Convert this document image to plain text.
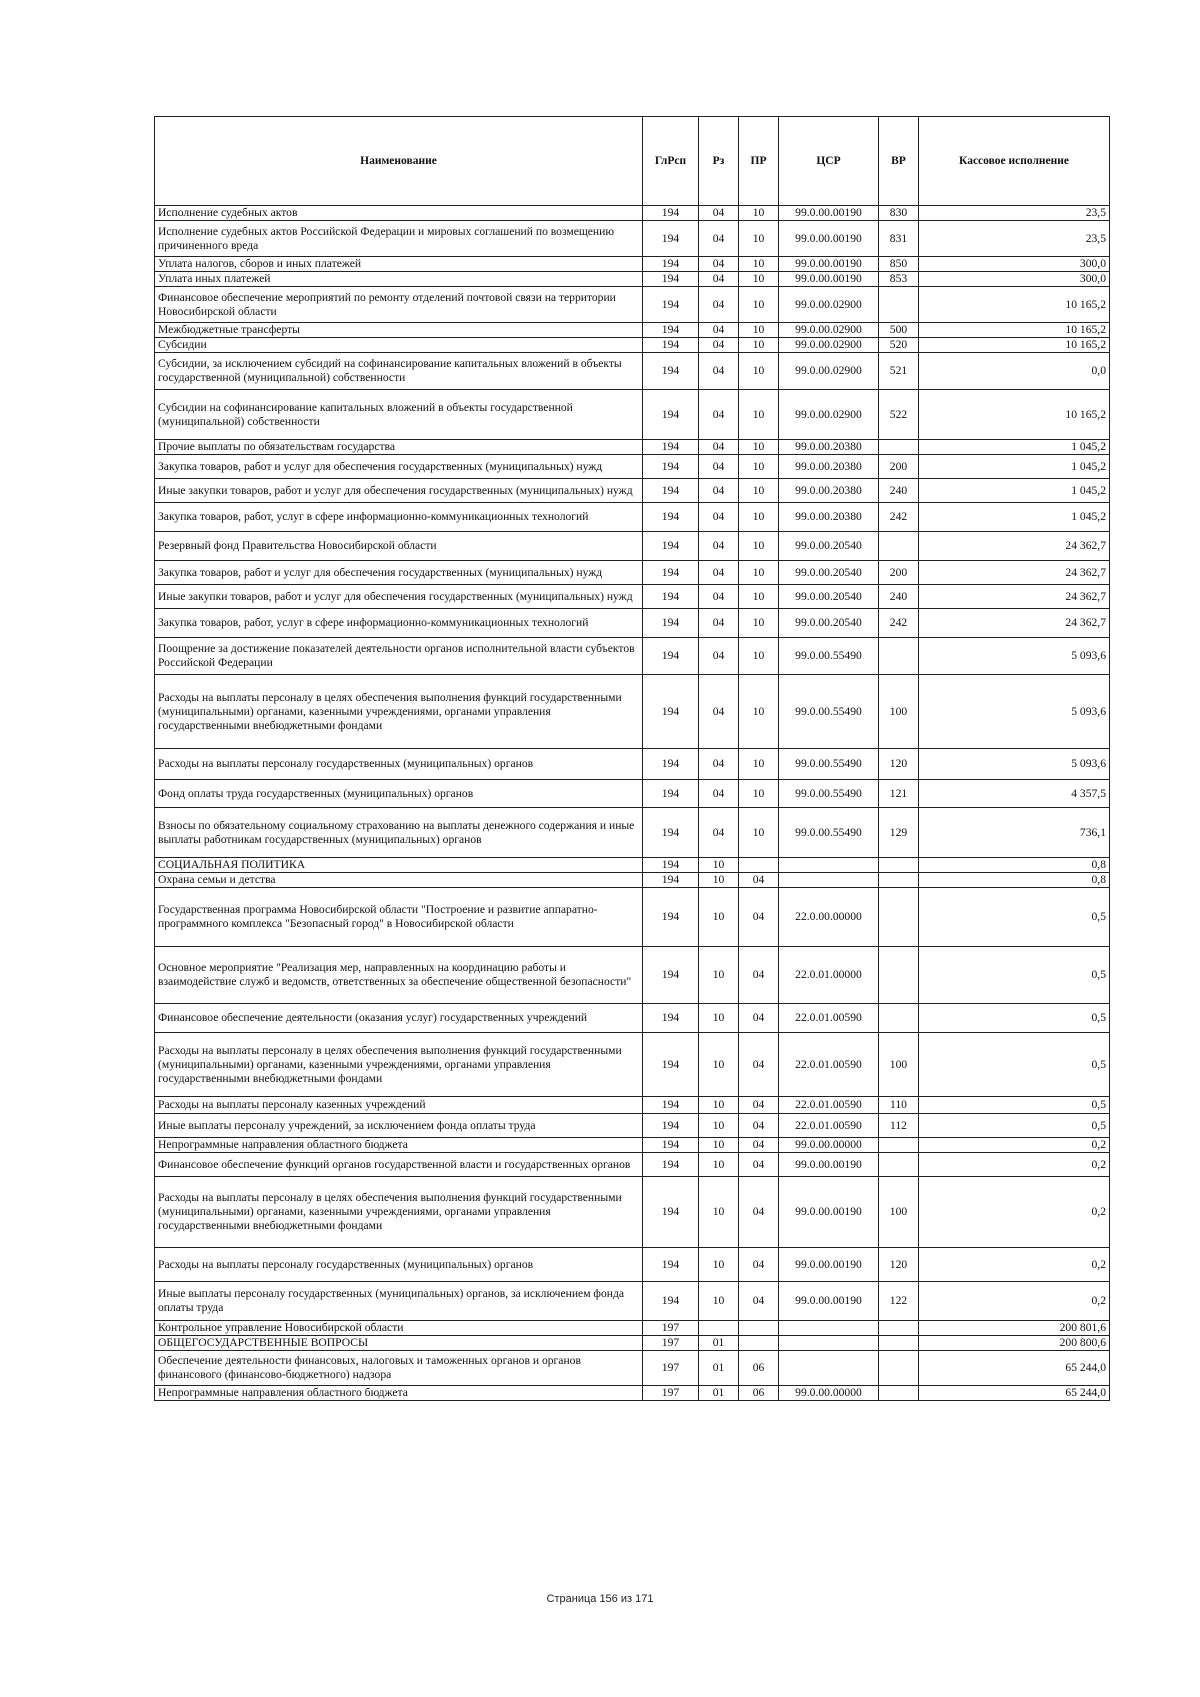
Наименование	ГлРсп	Рз	ПР	ЦСР	ВР	Кассовое исполнение
Исполнение судебных актов	194	04	10	99.0.00.00190	830	23,5
Исполнение судебных актов Российской Федерации и мировых соглашений по возмещению причиненного вреда	194	04	10	99.0.00.00190	831	23,5
Уплата налогов, сборов и иных платежей	194	04	10	99.0.00.00190	850	300,0
Уплата иных платежей	194	04	10	99.0.00.00190	853	300,0
Финансовое обеспечение мероприятий по ремонту отделений почтовой связи на территории Новосибирской области	194	04	10	99.0.00.02900		10 165,2
Межбюджетные трансферты	194	04	10	99.0.00.02900	500	10 165,2
Субсидии	194	04	10	99.0.00.02900	520	10 165,2
Субсидии, за исключением субсидий на софинансирование капитальных вложений в объекты государственной (муниципальной) собственности	194	04	10	99.0.00.02900	521	0,0
Субсидии на софинансирование капитальных вложений в объекты государственной (муниципальной) собственности	194	04	10	99.0.00.02900	522	10 165,2
Прочие выплаты по обязательствам государства	194	04	10	99.0.00.20380		1 045,2
Закупка товаров, работ и услуг для обеспечения государственных (муниципальных) нужд	194	04	10	99.0.00.20380	200	1 045,2
Иные закупки товаров, работ и услуг для обеспечения государственных (муниципальных) нужд	194	04	10	99.0.00.20380	240	1 045,2
Закупка товаров, работ, услуг в сфере информационно-коммуникационных технологий	194	04	10	99.0.00.20380	242	1 045,2
Резервный фонд Правительства Новосибирской области	194	04	10	99.0.00.20540		24 362,7
Закупка товаров, работ и услуг для обеспечения государственных (муниципальных) нужд	194	04	10	99.0.00.20540	200	24 362,7
Иные закупки товаров, работ и услуг для обеспечения государственных (муниципальных) нужд	194	04	10	99.0.00.20540	240	24 362,7
Закупка товаров, работ, услуг в сфере информационно-коммуникационных технологий	194	04	10	99.0.00.20540	242	24 362,7
Поощрение за достижение показателей деятельности органов исполнительной власти субъектов Российской Федерации	194	04	10	99.0.00.55490		5 093,6
Расходы на выплаты персоналу в целях обеспечения выполнения функций государственными (муниципальными) органами, казенными учреждениями, органами управления государственными внебюджетными фондами	194	04	10	99.0.00.55490	100	5 093,6
Расходы на выплаты персоналу государственных (муниципальных) органов	194	04	10	99.0.00.55490	120	5 093,6
Фонд оплаты труда государственных (муниципальных) органов	194	04	10	99.0.00.55490	121	4 357,5
Взносы по обязательному социальному страхованию на выплаты денежного содержания и иные выплаты работникам государственных (муниципальных) органов	194	04	10	99.0.00.55490	129	736,1
СОЦИАЛЬНАЯ ПОЛИТИКА	194	10				0,8
Охрана семьи и детства	194	10	04			0,8
Государственная программа Новосибирской области "Построение и развитие аппаратно-программного комплекса "Безопасный город" в Новосибирской области	194	10	04	22.0.00.00000		0,5
Основное мероприятие "Реализация мер, направленных на координацию работы и взаимодействие служб и ведомств, ответственных за обеспечение общественной безопасности"	194	10	04	22.0.01.00000		0,5
Финансовое обеспечение деятельности (оказания услуг) государственных учреждений	194	10	04	22.0.01.00590		0,5
Расходы на выплаты персоналу в целях обеспечения выполнения функций государственными (муниципальными) органами, казенными учреждениями, органами управления государственными внебюджетными фондами	194	10	04	22.0.01.00590	100	0,5
Расходы на выплаты персоналу казенных учреждений	194	10	04	22.0.01.00590	110	0,5
Иные выплаты персоналу учреждений, за исключением фонда оплаты труда	194	10	04	22.0.01.00590	112	0,5
Непрограммные направления областного бюджета	194	10	04	99.0.00.00000		0,2
Финансовое обеспечение функций органов государственной власти и государственных органов	194	10	04	99.0.00.00190		0,2
Расходы на выплаты персоналу в целях обеспечения выполнения функций государственными (муниципальными) органами, казенными учреждениями, органами управления государственными внебюджетными фондами	194	10	04	99.0.00.00190	100	0,2
Расходы на выплаты персоналу государственных (муниципальных) органов	194	10	04	99.0.00.00190	120	0,2
Иные выплаты персоналу государственных (муниципальных) органов, за исключением фонда оплаты труда	194	10	04	99.0.00.00190	122	0,2
Контрольное управление Новосибирской области	197					200 801,6
ОБЩЕГОСУДАРСТВЕННЫЕ ВОПРОСЫ	197	01				200 800,6
Обеспечение деятельности финансовых, налоговых и таможенных органов и органов финансового (финансово-бюджетного) надзора	197	01	06			65 244,0
Непрограммные направления областного бюджета	197	01	06	99.0.00.00000		65 244,0
Страница 156 из 171
